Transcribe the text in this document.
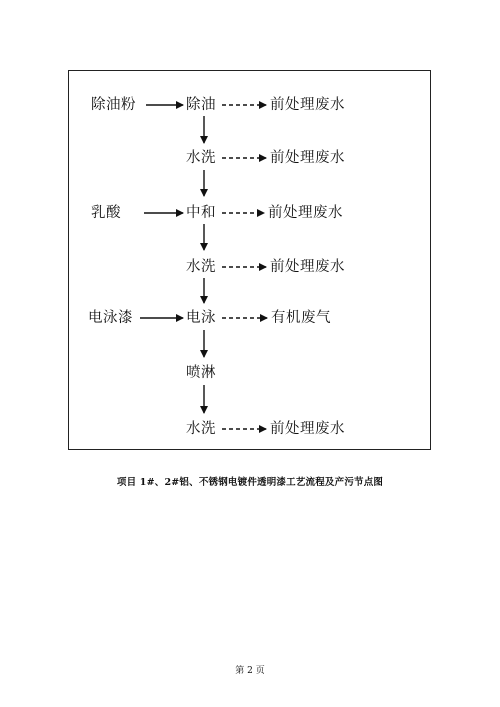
除油粉
乳酸
电泳漆
除油
水洗
中和
水洗
电泳
喷淋
水洗
前处理废水
前处理废水
前处理废水
前处理废水
有机废气
前处理废水
项目 1#、2#铝、不锈钢电镀件透明漆工艺流程及产污节点图
第 2 页
